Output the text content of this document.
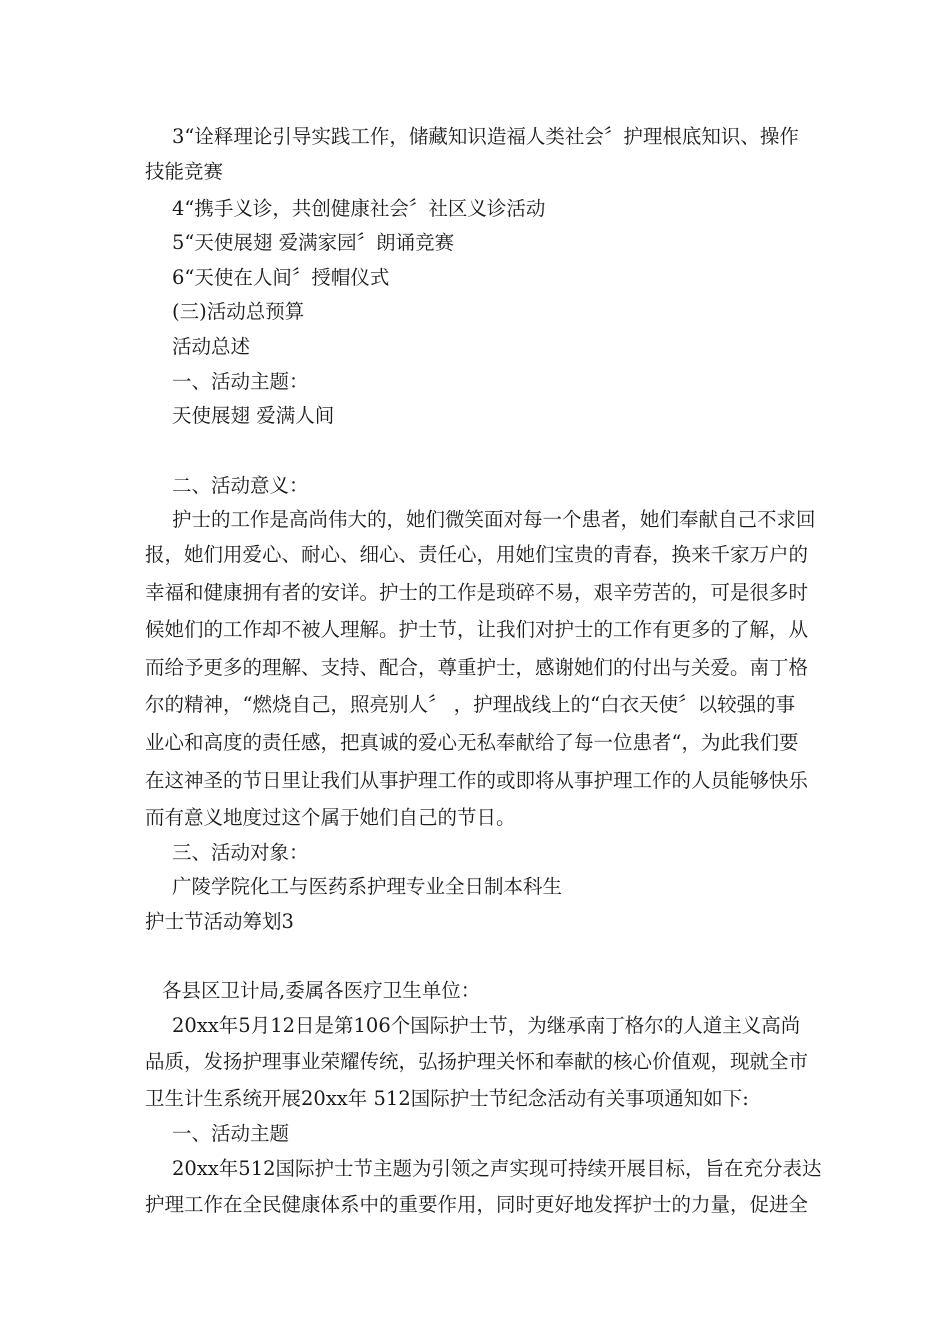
3“诠释理论引导实践工作，储藏知识造福人类社会〞护理根底知识、操作
技能竞赛
4“携手义诊，共创健康社会〞社区义诊活动
5“天使展翅 爱满家园〞朗诵竞赛
6“天使在人间〞授帽仪式
(三)活动总预算
活动总述
一、活动主题：
天使展翅 爱满人间
二、活动意义：
护士的工作是高尚伟大的，她们微笑面对每一个患者，她们奉献自己不求回
报，她们用爱心、耐心、细心、责任心，用她们宝贵的青春，换来千家万户的
幸福和健康拥有者的安详。护士的工作是琐碎不易，艰辛劳苦的，可是很多时
候她们的工作却不被人理解。护士节，让我们对护士的工作有更多的了解，从
而给予更多的理解、支持、配合，尊重护士，感谢她们的付出与关爱。南丁格
尔的精神，“燃烧自己，照亮别人〞 ，护理战线上的“白衣天使〞以较强的事
业心和高度的责任感，把真诚的爱心无私奉献给了每一位患者“，为此我们要
在这神圣的节日里让我们从事护理工作的或即将从事护理工作的人员能够快乐
而有意义地度过这个属于她们自己的节日。
三、活动对象：
广陵学院化工与医药系护理专业全日制本科生
护士节活动筹划3
各县区卫计局,委属各医疗卫生单位：
20xx年5月12日是第106个国际护士节，为继承南丁格尔的人道主义高尚
品质，发扬护理事业荣耀传统，弘扬护理关怀和奉献的核心价值观，现就全市
卫生计生系统开展20xx年 512国际护士节纪念活动有关事项通知如下:
一、活动主题
20xx年512国际护士节主题为引领之声实现可持续开展目标，旨在充分表达
护理工作在全民健康体系中的重要作用，同时更好地发挥护士的力量，促进全
